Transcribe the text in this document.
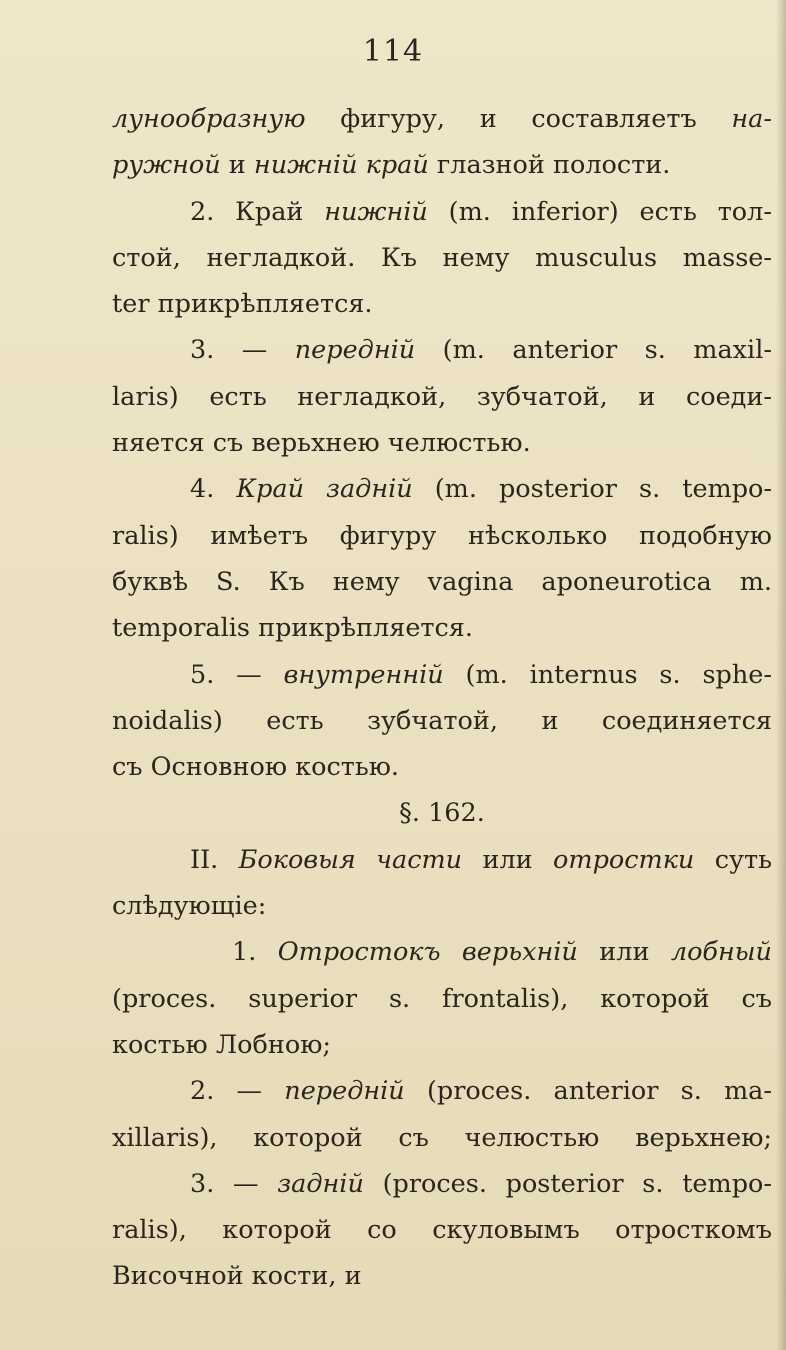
114
лунообразную фигуру, и составляетъ на-
ружной и нижній край глазной полости.
2. Край нижній (m. inferior) есть тол-
стой, негладкой. Къ нему musculus masse-
ter прикрѣпляется.
3. — передній (m. anterior s. maxil-
laris) есть негладкой, зубчатой, и соеди-
няется съ верьхнею челюстью.
4. Край задній (m. posterior s. tempo-
ralis) имѣетъ фигуру нѣсколько подобную
буквѣ S. Къ нему vagina aponeurotica m.
temporalis прикрѣпляется.
5. — внутренній (m. internus s. sphe-
noidalis) есть зубчатой, и соединяется
съ Основною костью.
§. 162.
II. Боковыя части или отростки суть
слѣдующіе:
1. Отростокъ верьхній или лобный
(proces. superior s. frontalis), которой съ
костью Лобною;
2. — передній (proces. anterior s. ma-
xillaris), которой съ челюстью верьхнею;
3. — задній (proces. posterior s. tempo-
ralis), которой со скуловымъ отросткомъ
Височной кости, и
